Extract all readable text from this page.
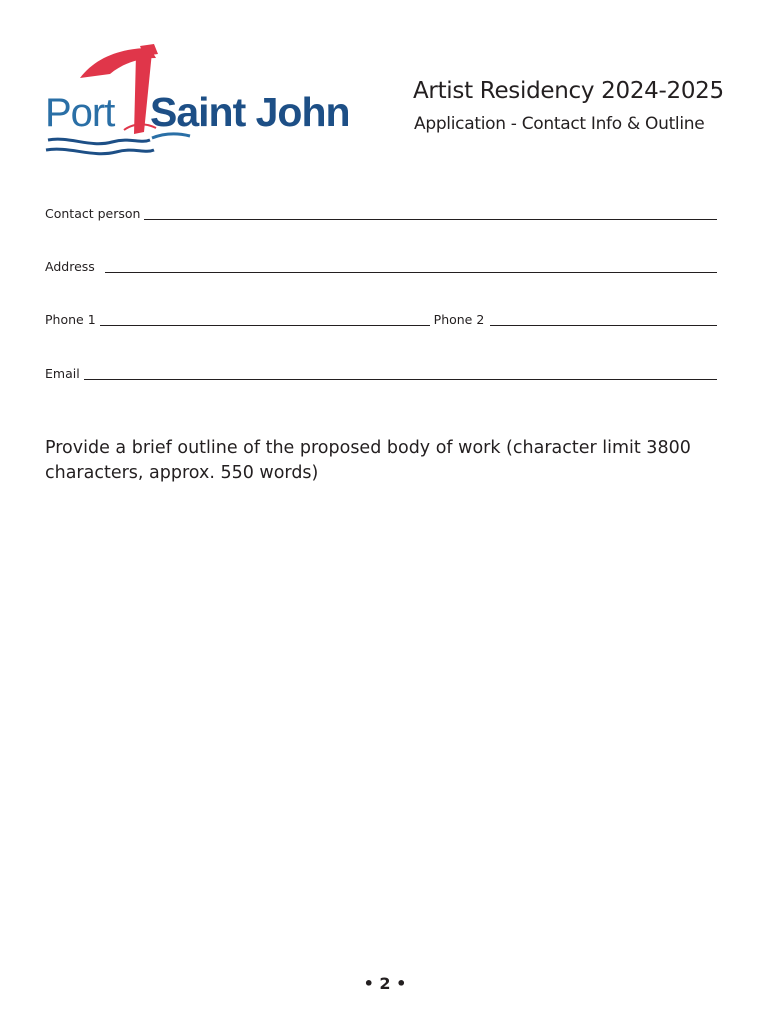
Port Saint John	Artist Residency 2024-2025
Application - Contact Info & Outline
Contact person
Address
Phone 1	Phone 2
Email
Provide a brief outline of the proposed body of work (character limit 3800 characters, approx. 550 words)
• 2 •
